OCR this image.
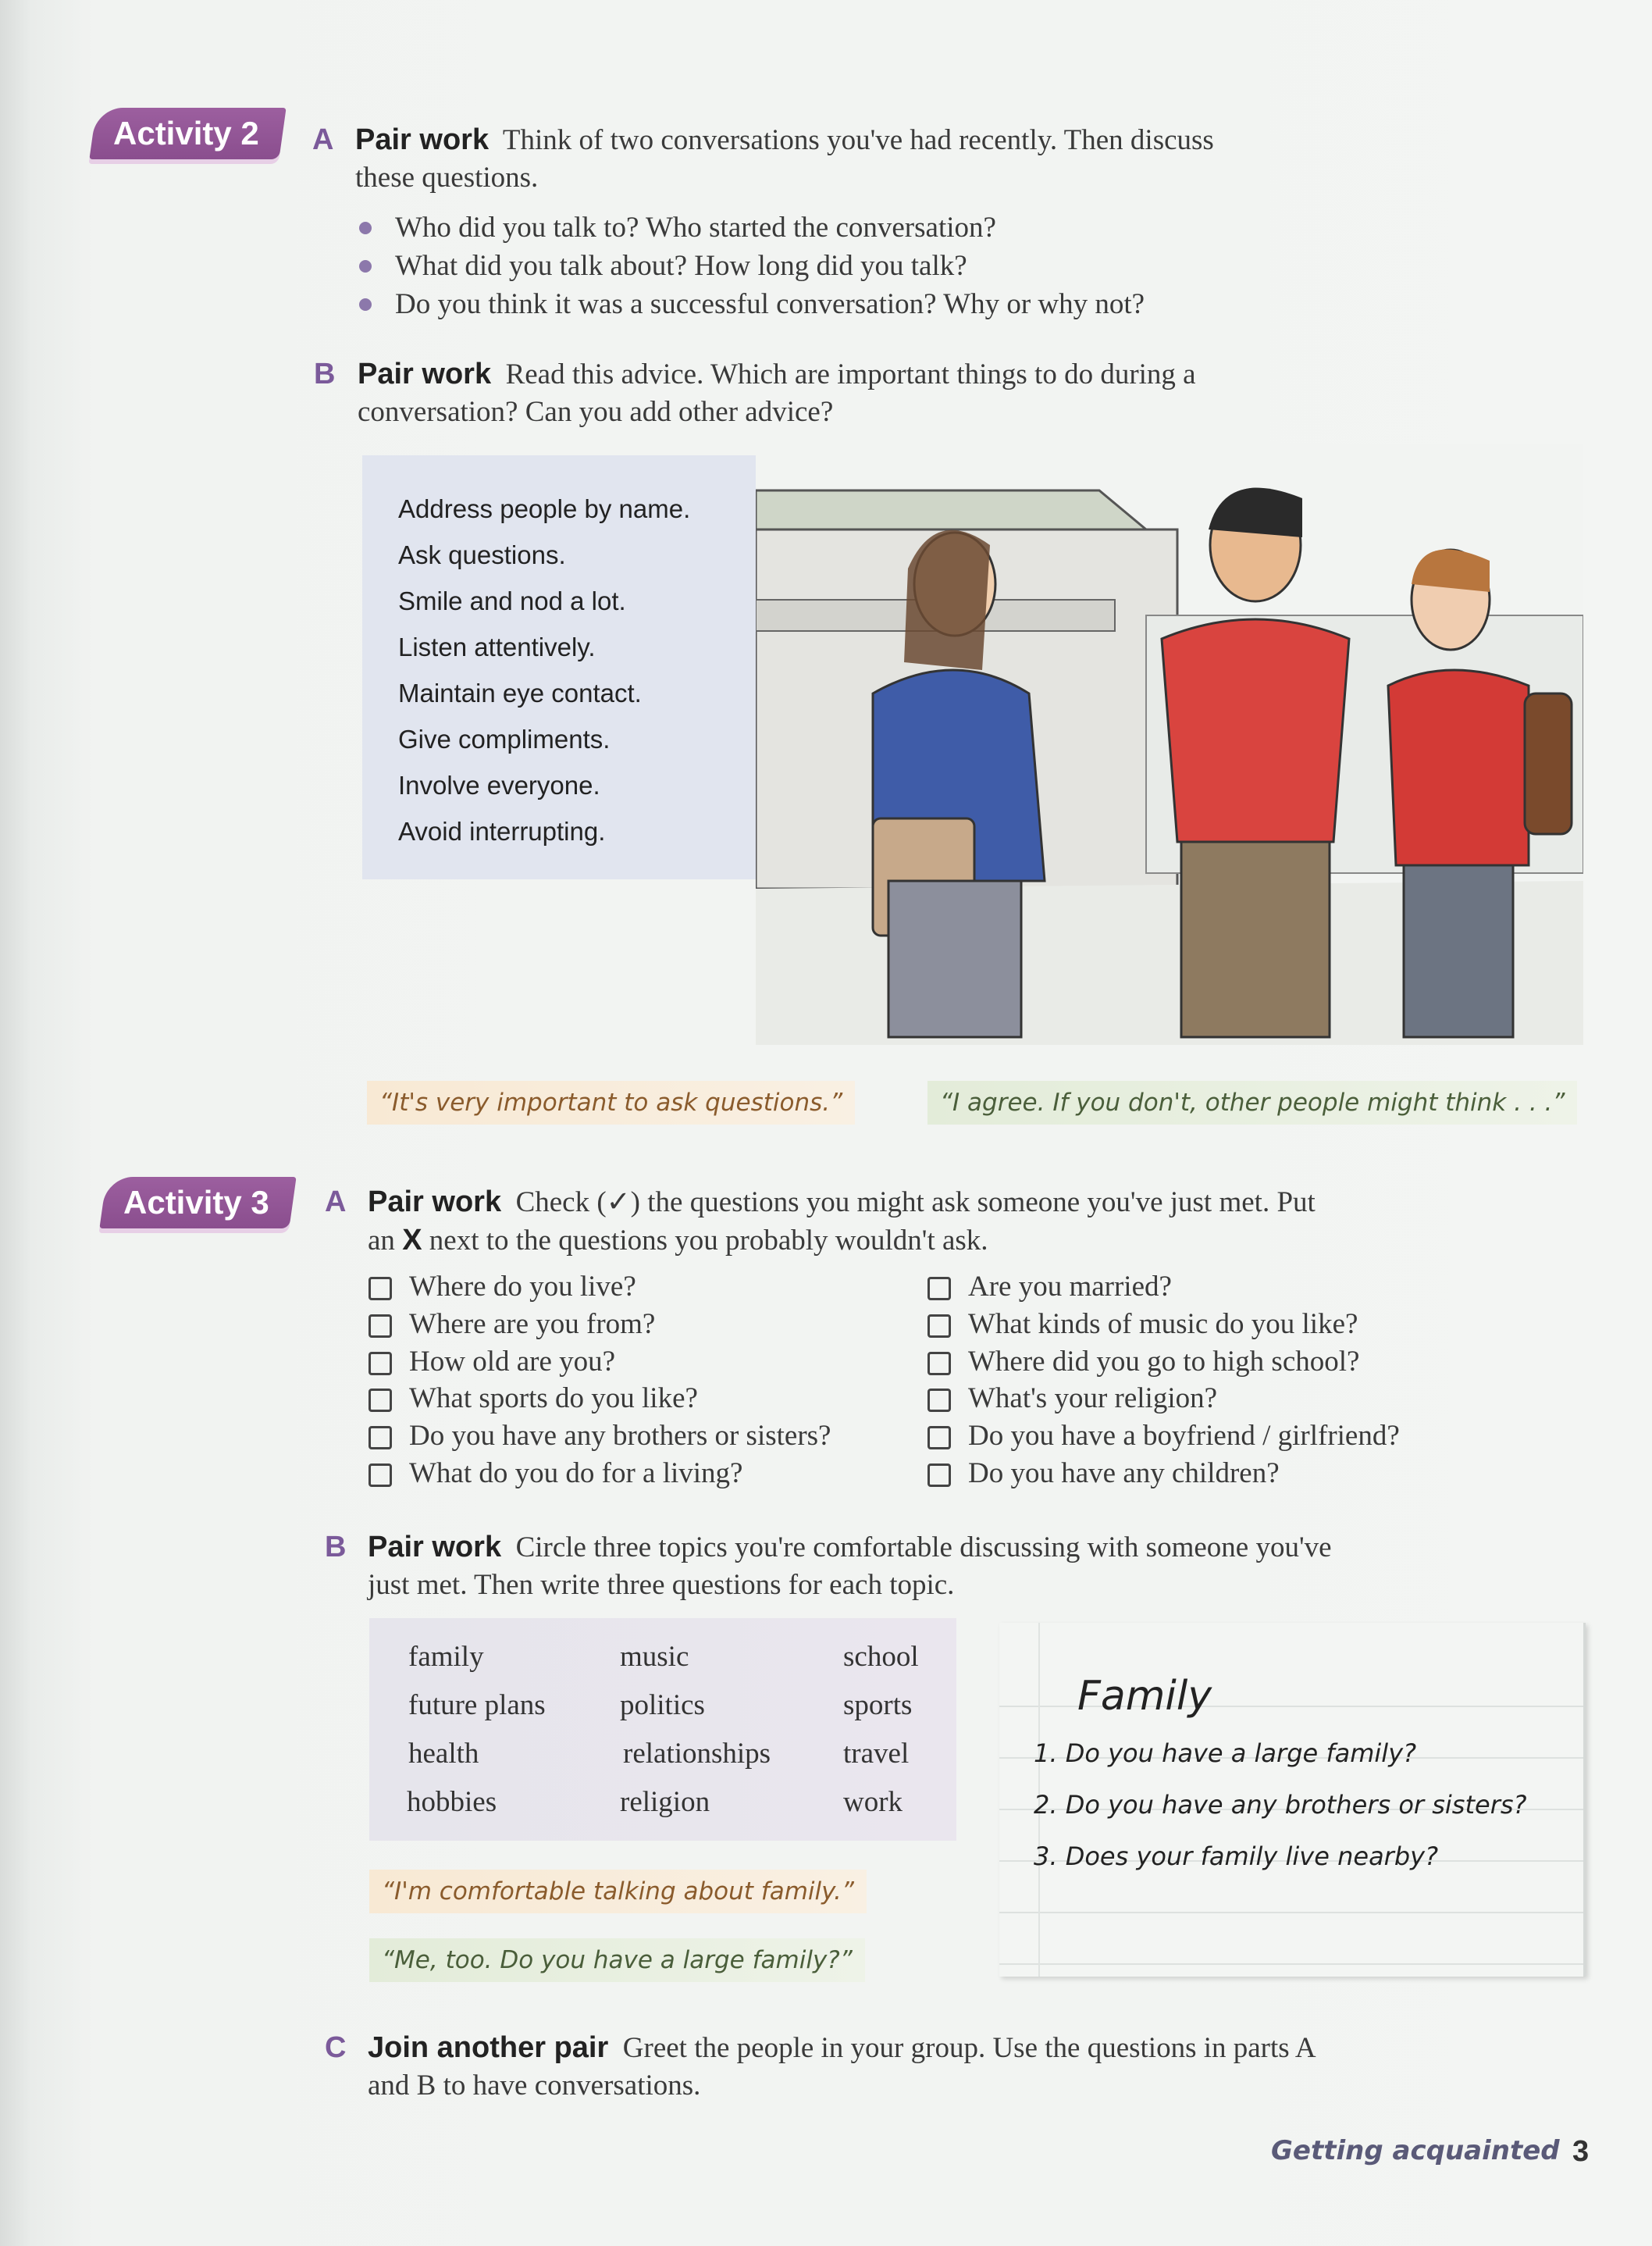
Activity 2	A Pair work Think of two conversations you've had recently. Then discuss
these questions.
Who did you talk to? Who started the conversation?
What did you talk about? How long did you talk?
Do you think it was a successful conversation? Why or why not?
B Pair work Read this advice. Which are important things to do during a
conversation? Can you add other advice?
Address people by name.
Ask questions.
Smile and nod a lot.
Listen attentively.
Maintain eye contact.
Give compliments.
Involve everyone.
Avoid interrupting.
“It's very important to ask questions.”	“I agree. If you don't, other people might think . . .”
Activity 3	A Pair work Check (✓) the questions you might ask someone you've just met. Put
an X next to the questions you probably wouldn't ask.
Where do you live?
Where are you from?
How old are you?
What sports do you like?
Do you have any brothers or sisters?
What do you do for a living?
Are you married?
What kinds of music do you like?
Where did you go to high school?
What's your religion?
Do you have a boyfriend / girlfriend?
Do you have any children?
B Pair work Circle three topics you're comfortable discussing with someone you've
just met. Then write three questions for each topic.
family	music	school
future plans	politics	sports
health	relationships	travel
hobbies	religion	work
“I'm comfortable talking about family.”
“Me, too. Do you have a large family?”
Family
1. Do you have a large family?
2. Do you have any brothers or sisters?
3. Does your family live nearby?
C Join another pair Greet the people in your group. Use the questions in parts A
and B to have conversations.
Getting acquainted 3
